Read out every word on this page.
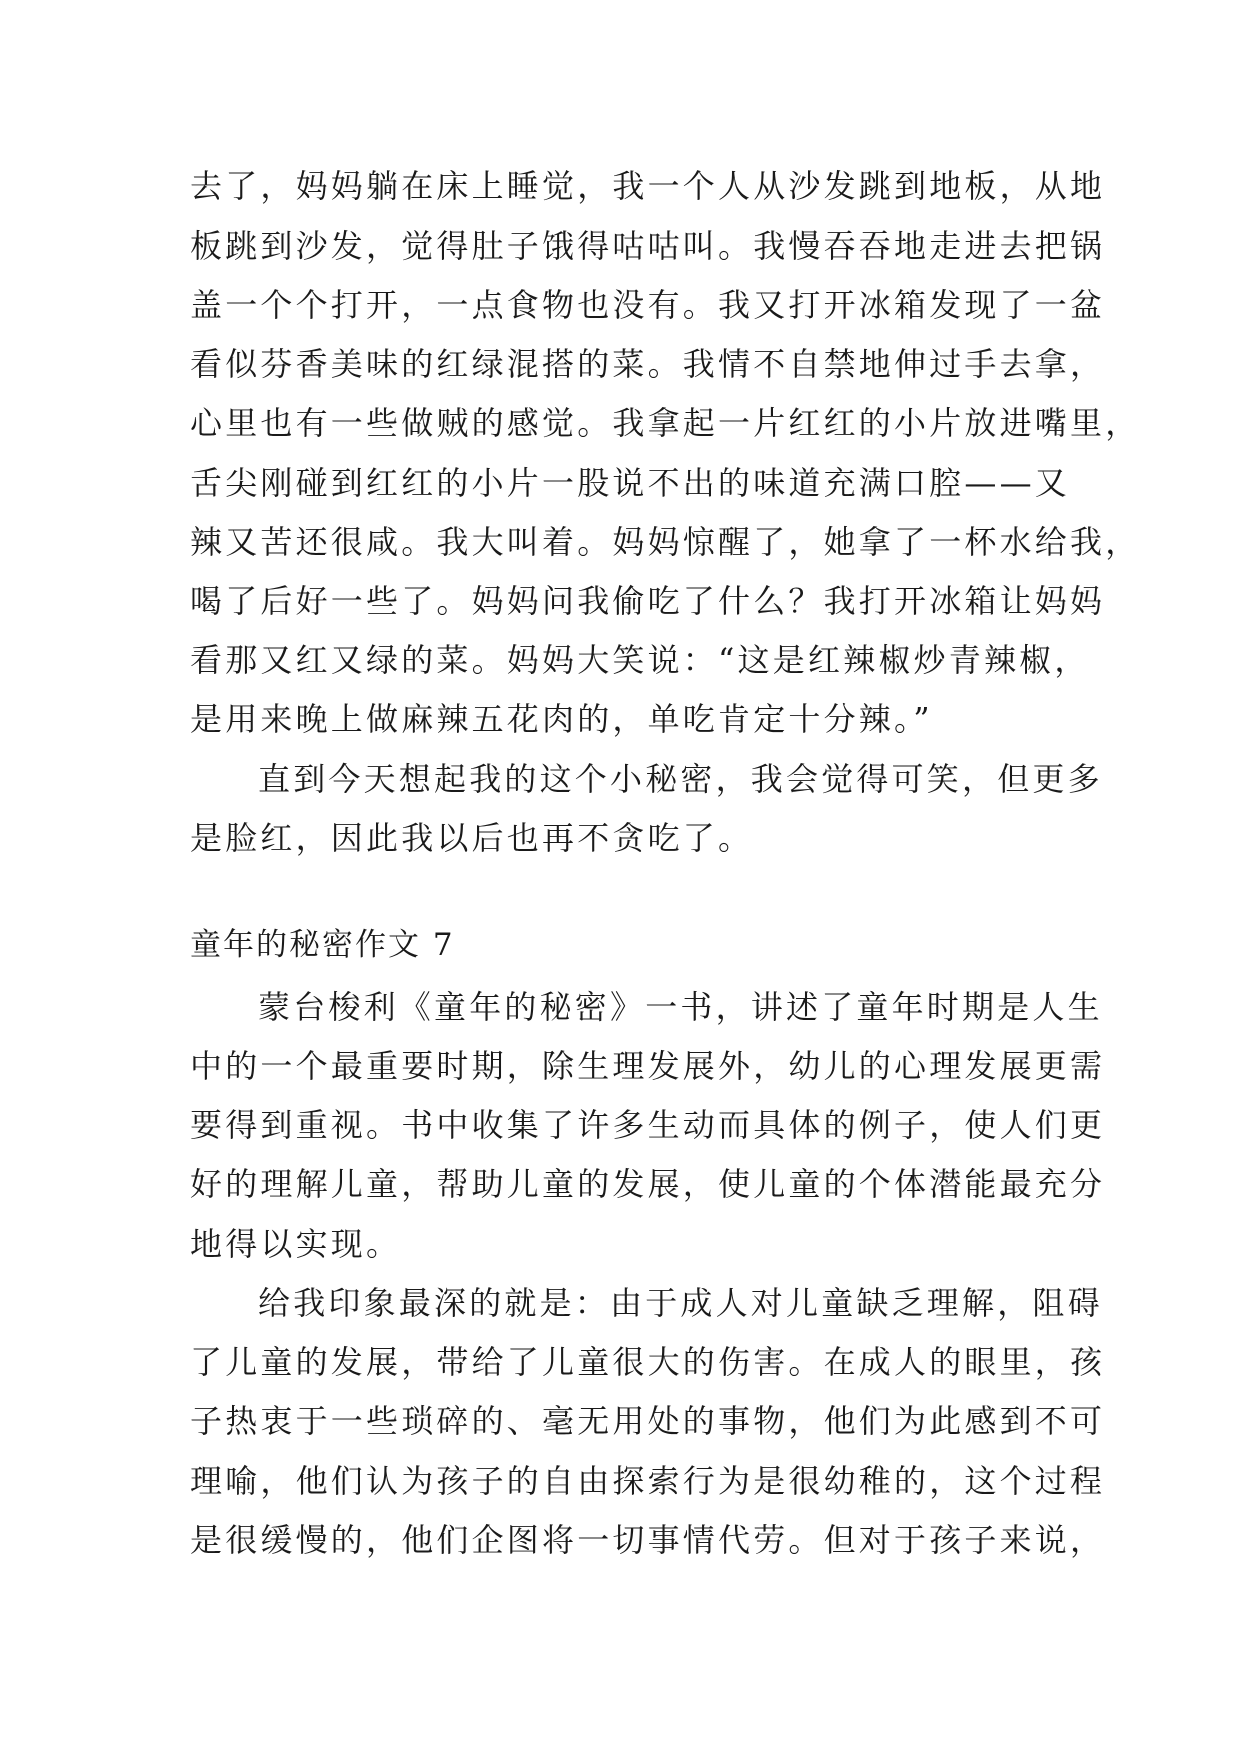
去了，妈妈躺在床上睡觉，我一个人从沙发跳到地板，从地
板跳到沙发，觉得肚子饿得咕咕叫。我慢吞吞地走进去把锅
盖一个个打开，一点食物也没有。我又打开冰箱发现了一盆
看似芬香美味的红绿混搭的菜。我情不自禁地伸过手去拿，
心里也有一些做贼的感觉。我拿起一片红红的小片放进嘴里，
舌尖刚碰到红红的小片一股说不出的味道充满口腔——又
辣又苦还很咸。我大叫着。妈妈惊醒了，她拿了一杯水给我，
喝了后好一些了。妈妈问我偷吃了什么？我打开冰箱让妈妈
看那又红又绿的菜。妈妈大笑说：“这是红辣椒炒青辣椒，
是用来晚上做麻辣五花肉的，单吃肯定十分辣。”
直到今天想起我的这个小秘密，我会觉得可笑，但更多
是脸红，因此我以后也再不贪吃了。
童年的秘密作文 7
蒙台梭利《童年的秘密》一书，讲述了童年时期是人生
中的一个最重要时期，除生理发展外，幼儿的心理发展更需
要得到重视。书中收集了许多生动而具体的例子，使人们更
好的理解儿童，帮助儿童的发展，使儿童的个体潜能最充分
地得以实现。
给我印象最深的就是：由于成人对儿童缺乏理解，阻碍
了儿童的发展，带给了儿童很大的伤害。在成人的眼里，孩
子热衷于一些琐碎的、毫无用处的事物，他们为此感到不可
理喻，他们认为孩子的自由探索行为是很幼稚的，这个过程
是很缓慢的，他们企图将一切事情代劳。但对于孩子来说，
